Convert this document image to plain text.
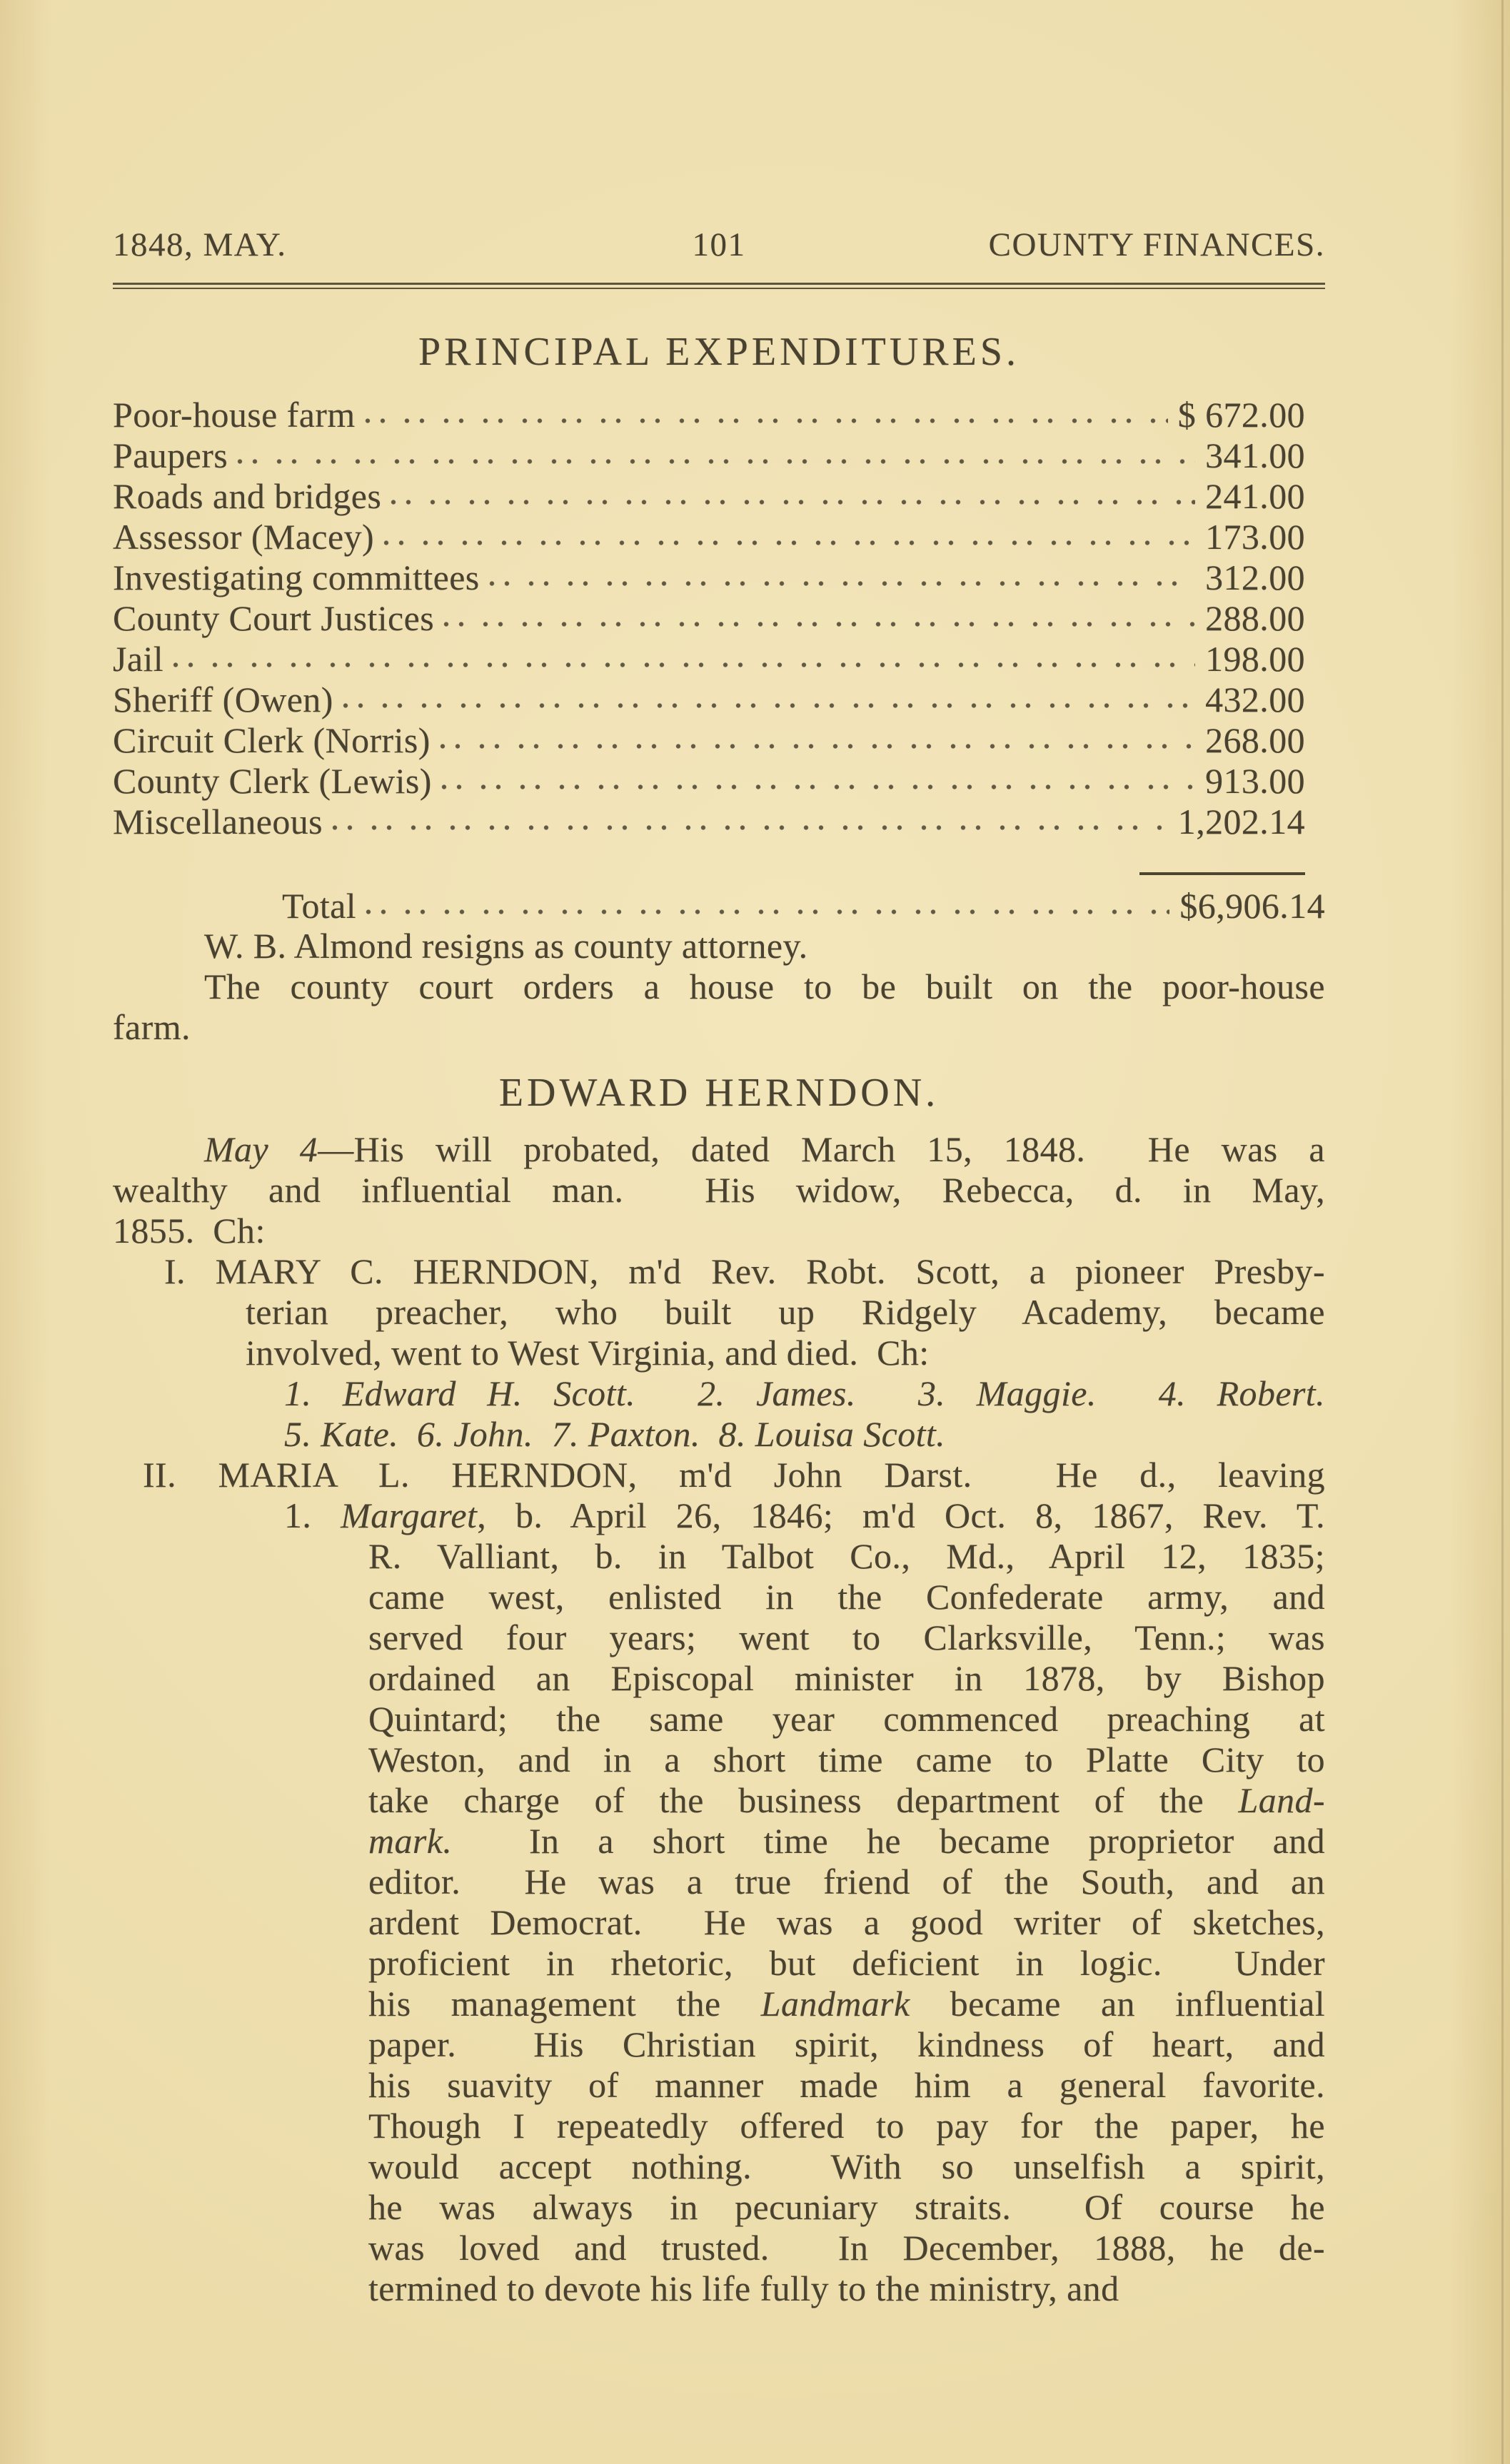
1848, MAY.	101	COUNTY FINANCES.
PRINCIPAL EXPENDITURES.
Poor-house farm	$ 672.00
Paupers	341.00
Roads and bridges	241.00
Assessor (Macey)	173.00
Investigating committees	312.00
County Court Justices	288.00
Jail	198.00
Sheriff (Owen)	432.00
Circuit Clerk (Norris)	268.00
County Clerk (Lewis)	913.00
Miscellaneous	1,202.14
Total	$6,906.14
W. B. Almond resigns as county attorney.
The county court orders a house to be built on the poor-house
farm.
EDWARD HERNDON.
May 4—His will probated, dated March 15, 1848.  He was a
wealthy and influential man.  His widow, Rebecca, d. in May,
1855.  Ch:
I. MARY C. HERNDON, m'd Rev. Robt. Scott, a pioneer Presby-
terian preacher, who built up Ridgely Academy, became
involved, went to West Virginia, and died.  Ch:
1. Edward H. Scott.  2. James.  3. Maggie.  4. Robert.
5. Kate.  6. John.  7. Paxton.  8. Louisa Scott.
II. MARIA L. HERNDON, m'd John Darst.  He d., leaving
1. Margaret, b. April 26, 1846; m'd Oct. 8, 1867, Rev. T.
R. Valliant, b. in Talbot Co., Md., April 12, 1835;
came west, enlisted in the Confederate army, and
served four years; went to Clarksville, Tenn.; was
ordained an Episcopal minister in 1878, by Bishop
Quintard; the same year commenced preaching at
Weston, and in a short time came to Platte City to
take charge of the business department of the Land-
mark.  In a short time he became proprietor and
editor.  He was a true friend of the South, and an
ardent Democrat.  He was a good writer of sketches,
proficient in rhetoric, but deficient in logic.  Under
his management the Landmark became an influential
paper.  His Christian spirit, kindness of heart, and
his suavity of manner made him a general favorite.
Though I repeatedly offered to pay for the paper, he
would accept nothing.  With so unselfish a spirit,
he was always in pecuniary straits.  Of course he
was loved and trusted.  In December, 1888, he de-
termined to devote his life fully to the ministry, and
